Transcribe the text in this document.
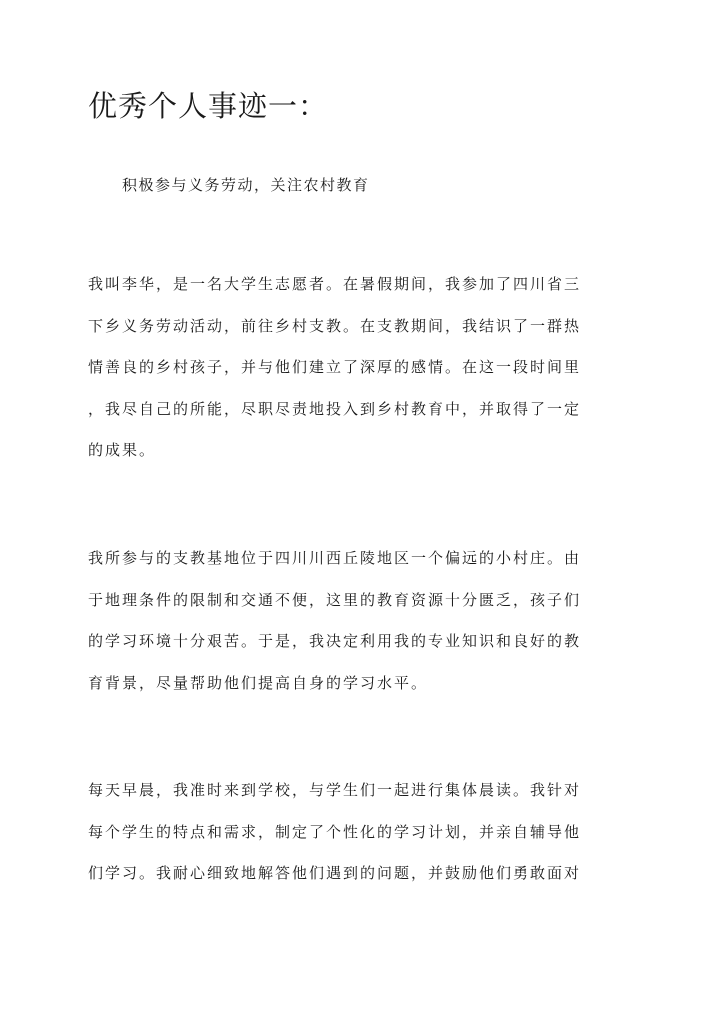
优秀个人事迹一：

积极参与义务劳动，关注农村教育

我叫李华，是一名大学生志愿者。在暑假期间，我参加了四川省三
下乡义务劳动活动，前往乡村支教。在支教期间，我结识了一群热
情善良的乡村孩子，并与他们建立了深厚的感情。在这一段时间里
，我尽自己的所能，尽职尽责地投入到乡村教育中，并取得了一定
的成果。
我所参与的支教基地位于四川川西丘陵地区一个偏远的小村庄。由
于地理条件的限制和交通不便，这里的教育资源十分匮乏，孩子们
的学习环境十分艰苦。于是，我决定利用我的专业知识和良好的教
育背景，尽量帮助他们提高自身的学习水平。
每天早晨，我准时来到学校，与学生们一起进行集体晨读。我针对
每个学生的特点和需求，制定了个性化的学习计划，并亲自辅导他
们学习。我耐心细致地解答他们遇到的问题，并鼓励他们勇敢面对
